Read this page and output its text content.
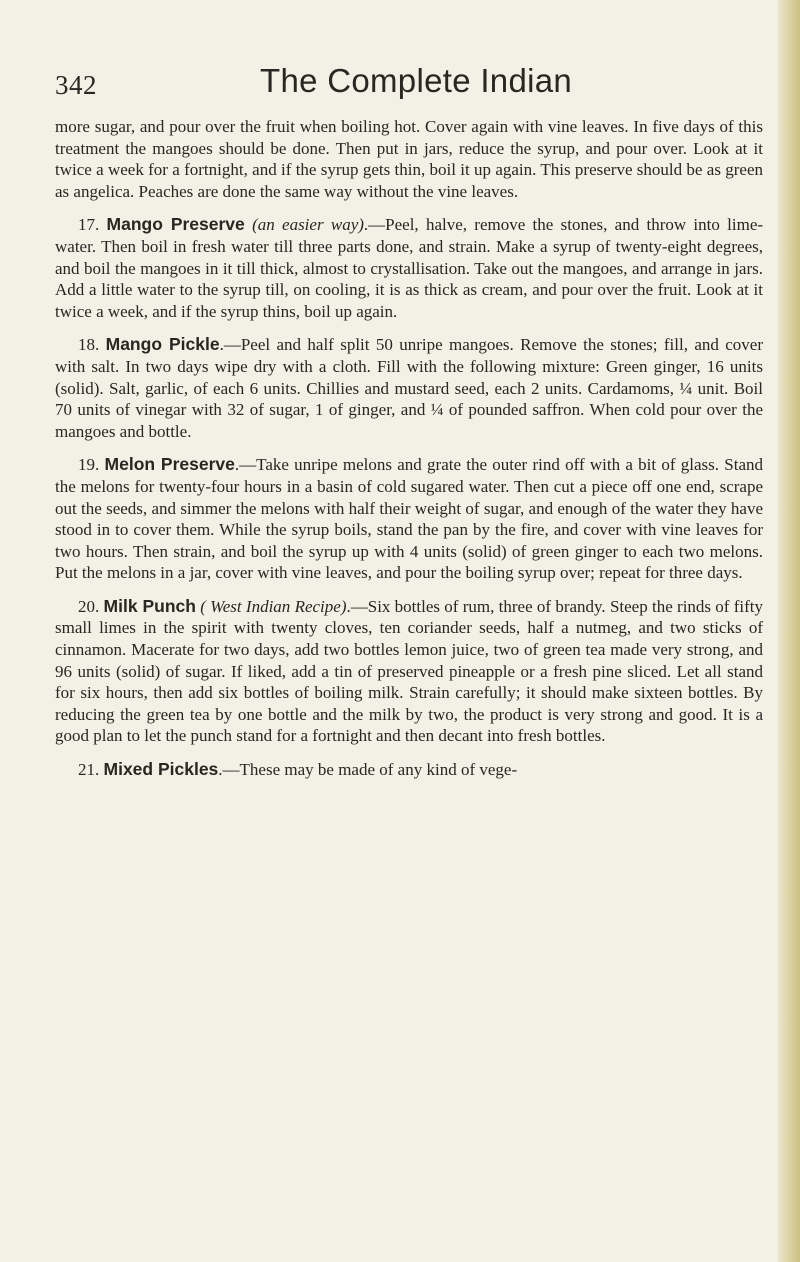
342	The Complete Indian

more sugar, and pour over the fruit when boiling hot. Cover again with vine leaves. In five days of this treatment the mangoes should be done. Then put in jars, reduce the syrup, and pour over. Look at it twice a week for a fortnight, and if the syrup gets thin, boil it up again. This preserve should be as green as angelica. Peaches are done the same way without the vine leaves.

17. Mango Preserve (an easier way).—Peel, halve, remove the stones, and throw into lime-water. Then boil in fresh water till three parts done, and strain. Make a syrup of twenty-eight degrees, and boil the mangoes in it till thick, almost to crystallisation. Take out the mangoes, and arrange in jars. Add a little water to the syrup till, on cooling, it is as thick as cream, and pour over the fruit. Look at it twice a week, and if the syrup thins, boil up again.

18. Mango Pickle.—Peel and half split 50 unripe mangoes. Remove the stones; fill, and cover with salt. In two days wipe dry with a cloth. Fill with the following mixture: Green ginger, 16 units (solid). Salt, garlic, of each 6 units. Chillies and mustard seed, each 2 units. Cardamoms, ¼ unit. Boil 70 units of vinegar with 32 of sugar, 1 of ginger, and ¼ of pounded saffron. When cold pour over the mangoes and bottle.

19. Melon Preserve.—Take unripe melons and grate the outer rind off with a bit of glass. Stand the melons for twenty-four hours in a basin of cold sugared water. Then cut a piece off one end, scrape out the seeds, and simmer the melons with half their weight of sugar, and enough of the water they have stood in to cover them. While the syrup boils, stand the pan by the fire, and cover with vine leaves for two hours. Then strain, and boil the syrup up with 4 units (solid) of green ginger to each two melons. Put the melons in a jar, cover with vine leaves, and pour the boiling syrup over; repeat for three days.

20. Milk Punch ( West Indian Recipe).—Six bottles of rum, three of brandy. Steep the rinds of fifty small limes in the spirit with twenty cloves, ten coriander seeds, half a nutmeg, and two sticks of cinnamon. Macerate for two days, add two bottles lemon juice, two of green tea made very strong, and 96 units (solid) of sugar. If liked, add a tin of preserved pineapple or a fresh pine sliced. Let all stand for six hours, then add six bottles of boiling milk. Strain carefully; it should make sixteen bottles. By reducing the green tea by one bottle and the milk by two, the product is very strong and good. It is a good plan to let the punch stand for a fortnight and then decant into fresh bottles.

21. Mixed Pickles.—These may be made of any kind of vege-
